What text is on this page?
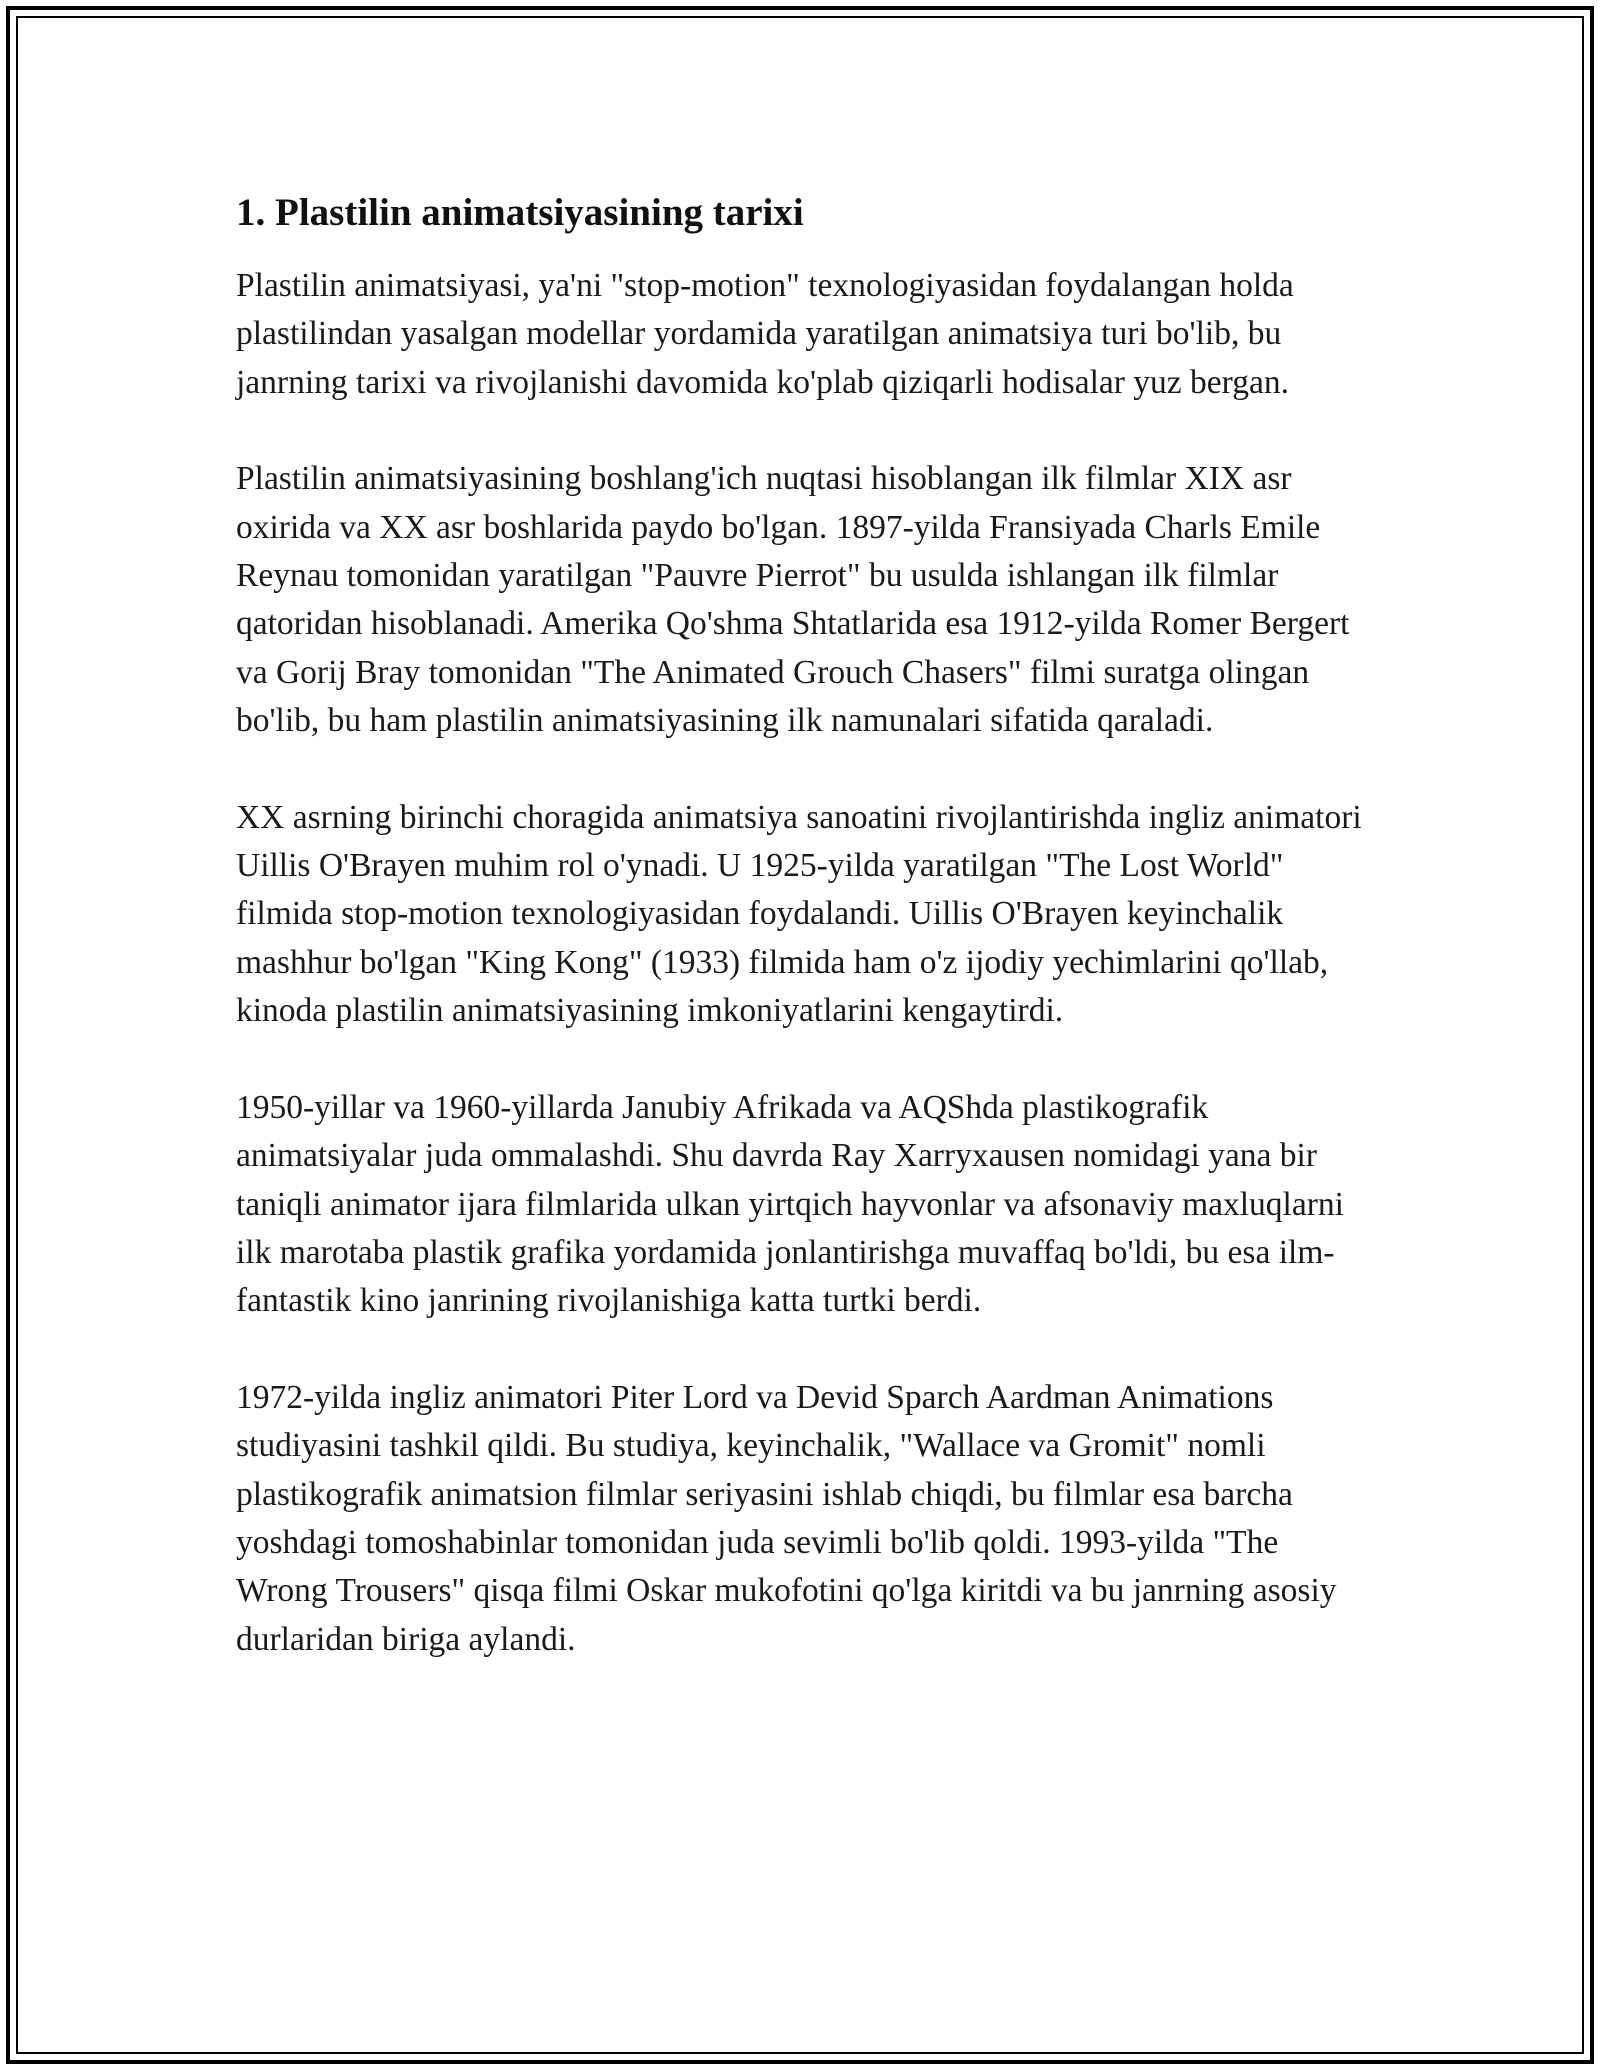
1. Plastilin animatsiyasining tarixi

Plastilin animatsiyasi, ya'ni "stop-motion" texnologiyasidan foydalangan holda plastilindan yasalgan modellar yordamida yaratilgan animatsiya turi bo'lib, bu janrning tarixi va rivojlanishi davomida ko'plab qiziqarli hodisalar yuz bergan.

Plastilin animatsiyasining boshlang'ich nuqtasi hisoblangan ilk filmlar XIX asr oxirida va XX asr boshlarida paydo bo'lgan. 1897-yilda Fransiyada Charls Emile Reynau tomonidan yaratilgan "Pauvre Pierrot" bu usulda ishlangan ilk filmlar qatoridan hisoblanadi. Amerika Qo'shma Shtatlarida esa 1912-yilda Romer Bergert va Gorij Bray tomonidan "The Animated Grouch Chasers" filmi suratga olingan bo'lib, bu ham plastilin animatsiyasining ilk namunalari sifatida qaraladi.

XX asrning birinchi choragida animatsiya sanoatini rivojlantirishda ingliz animatori Uillis O'Brayen muhim rol o'ynadi. U 1925-yilda yaratilgan "The Lost World" filmida stop-motion texnologiyasidan foydalandi. Uillis O'Brayen keyinchalik mashhur bo'lgan "King Kong" (1933) filmida ham o'z ijodiy yechimlarini qo'llab, kinoda plastilin animatsiyasining imkoniyatlarini kengaytirdi.

1950-yillar va 1960-yillarda Janubiy Afrikada va AQShda plastikografik animatsiyalar juda ommalashdi. Shu davrda Ray Xarryxausen nomidagi yana bir taniqli animator ijara filmlarida ulkan yirtqich hayvonlar va afsonaviy maxluqlarni ilk marotaba plastik grafika yordamida jonlantirishga muvaffaq bo'ldi, bu esa ilm-fantastik kino janrining rivojlanishiga katta turtki berdi.

1972-yilda ingliz animatori Piter Lord va Devid Sparch Aardman Animations studiyasini tashkil qildi. Bu studiya, keyinchalik, "Wallace va Gromit" nomli plastikografik animatsion filmlar seriyasini ishlab chiqdi, bu filmlar esa barcha yoshdagi tomoshabinlar tomonidan juda sevimli bo'lib qoldi. 1993-yilda "The Wrong Trousers" qisqa filmi Oskar mukofotini qo'lga kiritdi va bu janrning asosiy durlaridan biriga aylandi.
